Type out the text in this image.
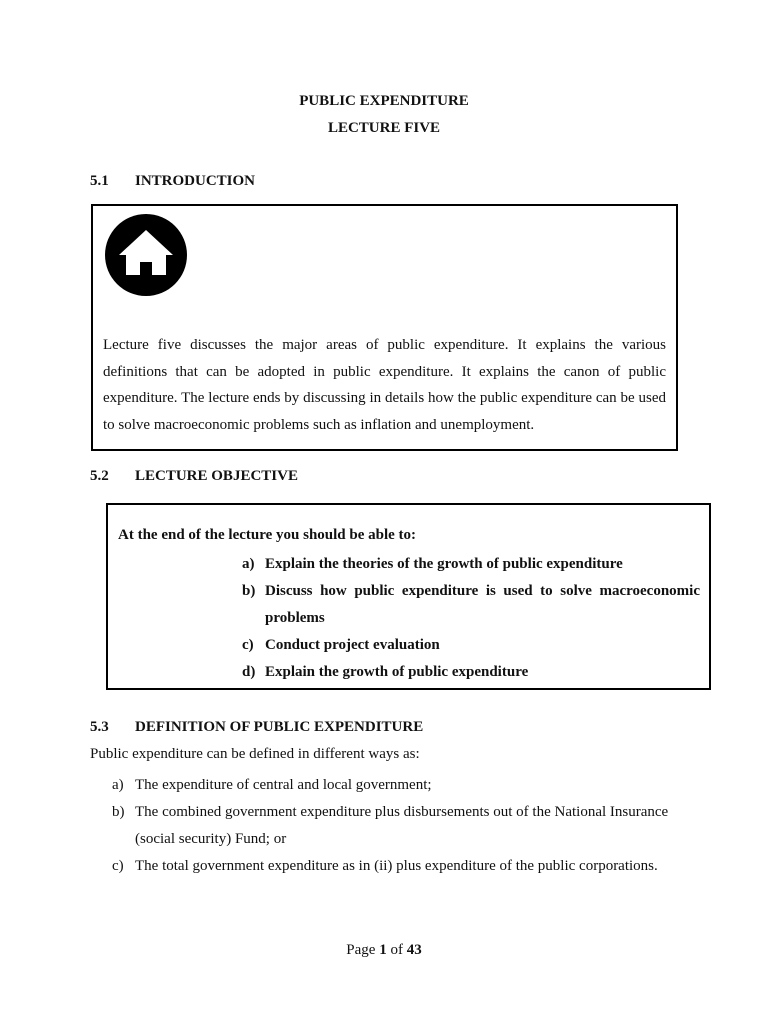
PUBLIC EXPENDITURE
LECTURE FIVE
5.1 INTRODUCTION
Lecture five discusses the major areas of public expenditure. It explains the various definitions that can be adopted in public expenditure. It explains the canon of public expenditure. The lecture ends by discussing in details how the public expenditure can be used to solve macroeconomic problems such as inflation and unemployment.
5.2 LECTURE OBJECTIVE
At the end of the lecture you should be able to:
a) Explain the theories of the growth of public expenditure
b) Discuss how public expenditure is used to solve macroeconomic problems
c) Conduct project evaluation
d) Explain the growth of public expenditure
5.3 DEFINITION OF PUBLIC EXPENDITURE
Public expenditure can be defined in different ways as:
a) The expenditure of central and local government;
b) The combined government expenditure plus disbursements out of the National Insurance (social security) Fund; or
c) The total government expenditure as in (ii) plus expenditure of the public corporations.
Page 1 of 43
